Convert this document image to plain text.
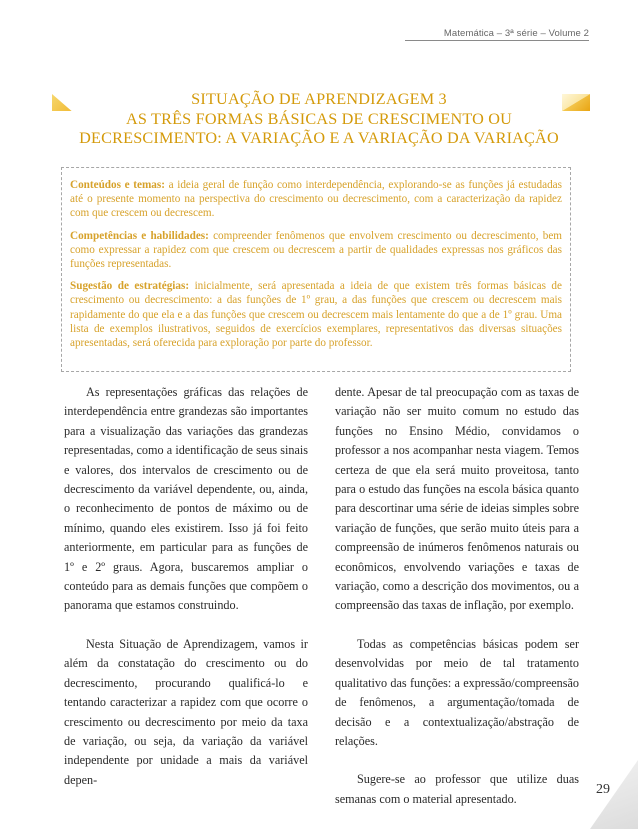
Matemática – 3ª série – Volume 2
SITUAÇÃO DE APRENDIZAGEM 3
AS TRÊS FORMAS BÁSICAS DE CRESCIMENTO OU
DECRESCIMENTO: A VARIAÇÃO E A VARIAÇÃO DA VARIAÇÃO

Conteúdos e temas: a ideia geral de função como interdependência, explorando-se as funções já estudadas até o presente momento na perspectiva do crescimento ou decrescimento, com a caracterização da rapidez com que crescem ou decrescem.

Competências e habilidades: compreender fenômenos que envolvem crescimento ou decrescimento, bem como expressar a rapidez com que crescem ou decrescem a partir de qualidades expressas nos gráficos das funções representadas.

Sugestão de estratégias: inicialmente, será apresentada a ideia de que existem três formas básicas de crescimento ou decrescimento: a das funções de 1º grau, a das funções que crescem ou decrescem mais rapidamente do que ela e a das funções que crescem ou decrescem mais lentamente do que a de 1º grau. Uma lista de exemplos ilustrativos, seguidos de exercícios exemplares, representativos das diversas situações apresentadas, será oferecida para exploração por parte do professor.

As representações gráficas das relações de interdependência entre grandezas são importantes para a visualização das variações das grandezas representadas, como a identificação de seus sinais e valores, dos intervalos de crescimento ou de decrescimento da variável dependente, ou, ainda, o reconhecimento de pontos de máximo ou de mínimo, quando eles existirem. Isso já foi feito anteriormente, em particular para as funções de 1º e 2º graus. Agora, buscaremos ampliar o conteúdo para as demais funções que compõem o panorama que estamos construindo.

Nesta Situação de Aprendizagem, vamos ir além da constatação do crescimento ou do decrescimento, procurando qualificá-lo e tentando caracterizar a rapidez com que ocorre o crescimento ou decrescimento por meio da taxa de variação, ou seja, da variação da variável independente por unidade a mais da variável depen-

dente. Apesar de tal preocupação com as taxas de variação não ser muito comum no estudo das funções no Ensino Médio, convidamos o professor a nos acompanhar nesta viagem. Temos certeza de que ela será muito proveitosa, tanto para o estudo das funções na escola básica quanto para descortinar uma série de ideias simples sobre variação de funções, que serão muito úteis para a compreensão de inúmeros fenômenos naturais ou econômicos, envolvendo variações e taxas de variação, como a descrição dos movimentos, ou a compreensão das taxas de inflação, por exemplo.

Todas as competências básicas podem ser desenvolvidas por meio de tal tratamento qualitativo das funções: a expressão/compreensão de fenômenos, a argumentação/tomada de decisão e a contextualização/abstração de relações.

Sugere-se ao professor que utilize duas semanas com o material apresentado.

29
